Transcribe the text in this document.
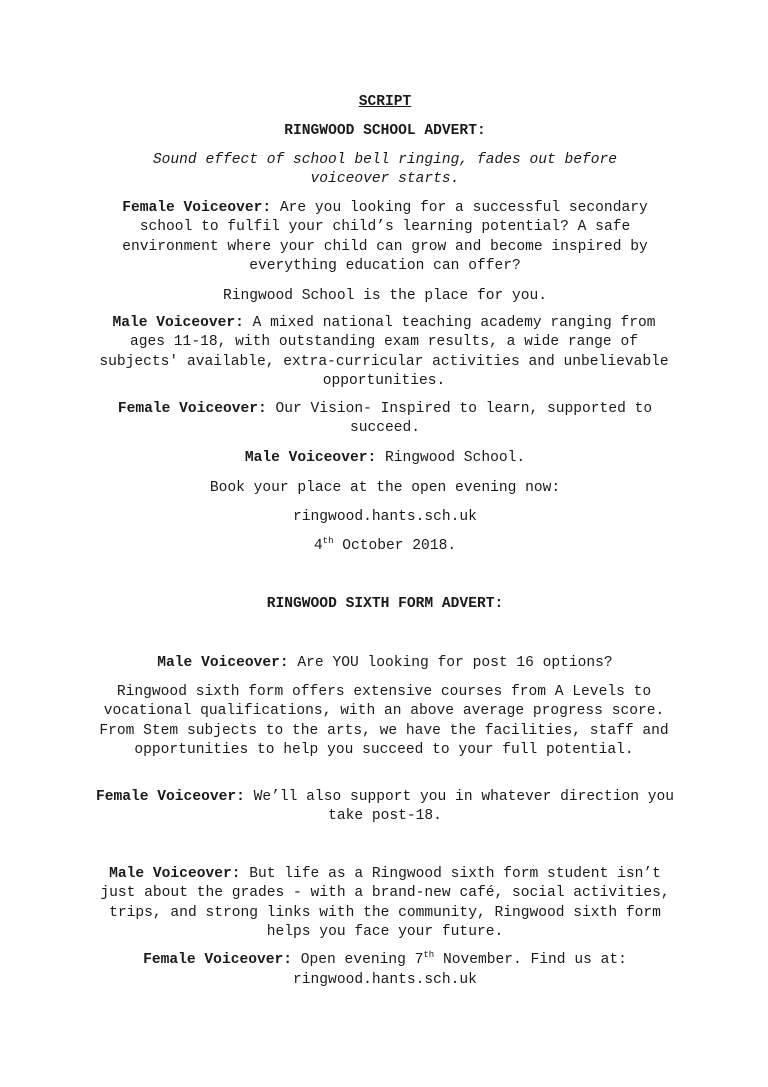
SCRIPT

RINGWOOD SCHOOL ADVERT:

Sound effect of school bell ringing, fades out before voiceover starts.

Female Voiceover: Are you looking for a successful secondary school to fulfil your child’s learning potential? A safe environment where your child can grow and become inspired by everything education can offer?

Ringwood School is the place for you.

Male Voiceover: A mixed national teaching academy ranging from ages 11-18, with outstanding exam results, a wide range of subjects' available, extra-curricular activities and unbelievable opportunities.

Female Voiceover: Our Vision- Inspired to learn, supported to succeed.

Male Voiceover: Ringwood School.

Book your place at the open evening now:

ringwood.hants.sch.uk

4th October 2018.

RINGWOOD SIXTH FORM ADVERT:

Male Voiceover: Are YOU looking for post 16 options?

Ringwood sixth form offers extensive courses from A Levels to vocational qualifications, with an above average progress score. From Stem subjects to the arts, we have the facilities, staff and opportunities to help you succeed to your full potential.

Female Voiceover: We’ll also support you in whatever direction you take post-18.

Male Voiceover: But life as a Ringwood sixth form student isn’t just about the grades - with a brand-new café, social activities, trips, and strong links with the community, Ringwood sixth form helps you face your future.

Female Voiceover: Open evening 7th November. Find us at:

ringwood.hants.sch.uk
